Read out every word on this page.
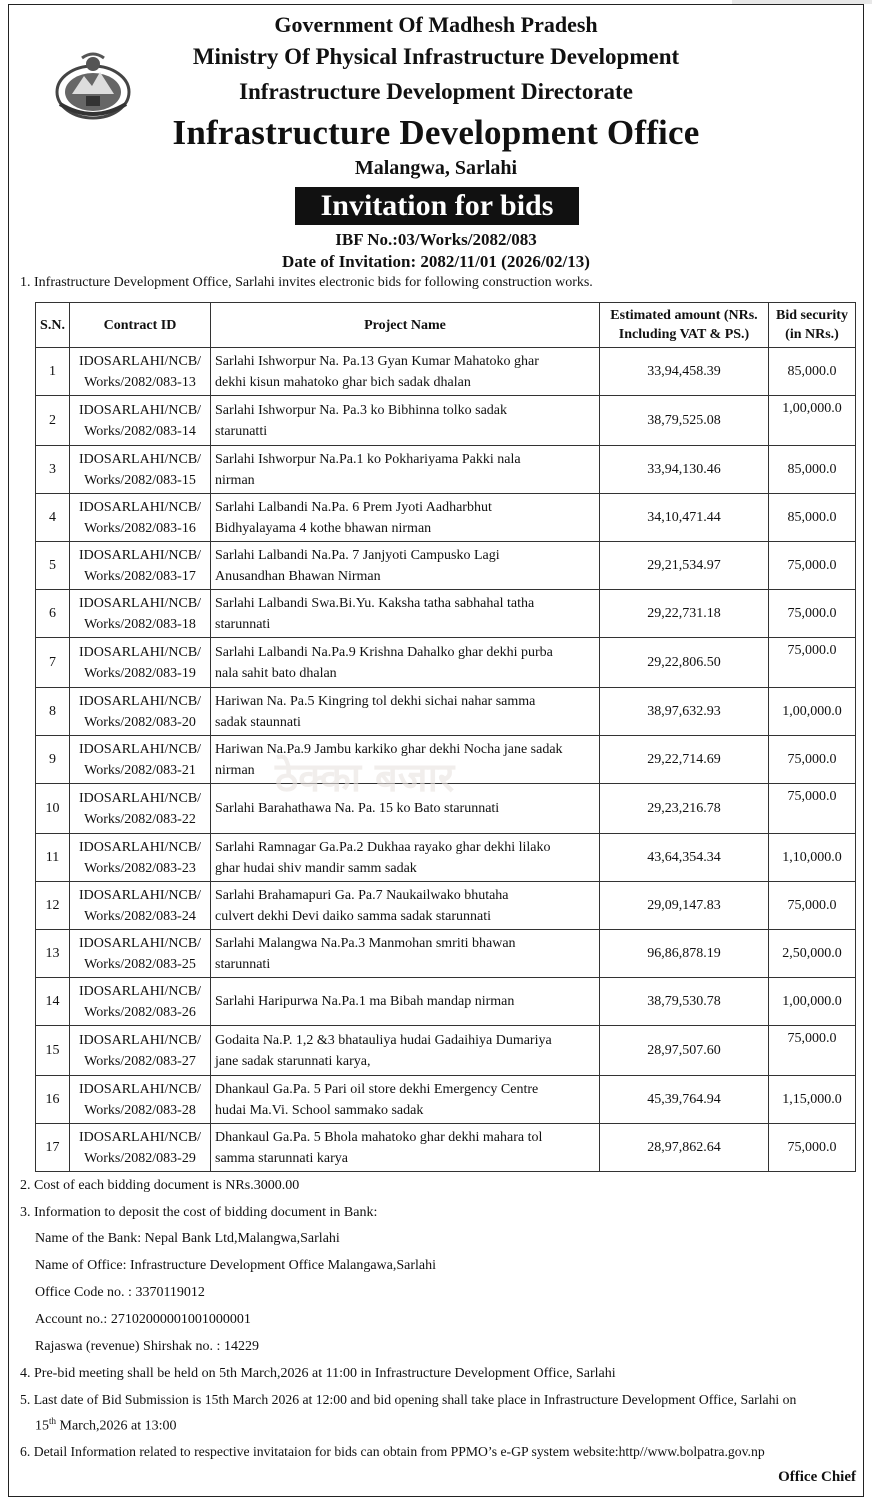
Government Of Madhesh Pradesh
Ministry Of Physical Infrastructure Development
Infrastructure Development Directorate
Infrastructure Development Office
Malangwa, Sarlahi
Invitation for bids
IBF No.:03/Works/2082/083
Date of Invitation: 2082/11/01 (2026/02/13)
1. Infrastructure Development Office, Sarlahi invites electronic bids for following construction works.
S.N.	Contract ID	Project Name	Estimated amount (NRs.
Including VAT & PS.)	Bid security
(in NRs.)
1	IDOSARLAHI/NCB/
Works/2082/083-13	Sarlahi Ishworpur Na. Pa.13 Gyan Kumar Mahatoko ghar
dekhi kisun mahatoko ghar bich sadak dhalan	33,94,458.39	85,000.0
2	IDOSARLAHI/NCB/
Works/2082/083-14	Sarlahi Ishworpur Na. Pa.3 ko Bibhinna tolko sadak
starunatti	38,79,525.08	1,00,000.0
3	IDOSARLAHI/NCB/
Works/2082/083-15	Sarlahi Ishworpur Na.Pa.1 ko Pokhariyama Pakki nala
nirman	33,94,130.46	85,000.0
4	IDOSARLAHI/NCB/
Works/2082/083-16	Sarlahi Lalbandi Na.Pa. 6 Prem Jyoti Aadharbhut
Bidhyalayama 4 kothe bhawan nirman	34,10,471.44	85,000.0
5	IDOSARLAHI/NCB/
Works/2082/083-17	Sarlahi Lalbandi Na.Pa. 7 Janjyoti Campusko Lagi
Anusandhan Bhawan Nirman	29,21,534.97	75,000.0
6	IDOSARLAHI/NCB/
Works/2082/083-18	Sarlahi Lalbandi Swa.Bi.Yu. Kaksha tatha sabhahal tatha
starunnati	29,22,731.18	75,000.0
7	IDOSARLAHI/NCB/
Works/2082/083-19	Sarlahi Lalbandi Na.Pa.9 Krishna Dahalko ghar dekhi purba
nala sahit bato dhalan	29,22,806.50	75,000.0
8	IDOSARLAHI/NCB/
Works/2082/083-20	Hariwan Na. Pa.5 Kingring tol dekhi sichai nahar samma
sadak staunnati	38,97,632.93	1,00,000.0
9	IDOSARLAHI/NCB/
Works/2082/083-21	Hariwan Na.Pa.9 Jambu karkiko ghar dekhi Nocha jane sadak
nirman	29,22,714.69	75,000.0
10	IDOSARLAHI/NCB/
Works/2082/083-22	Sarlahi Barahathawa Na. Pa. 15 ko Bato starunnati	29,23,216.78	75,000.0
11	IDOSARLAHI/NCB/
Works/2082/083-23	Sarlahi Ramnagar Ga.Pa.2 Dukhaa rayako ghar dekhi lilako
ghar hudai shiv mandir samm sadak	43,64,354.34	1,10,000.0
12	IDOSARLAHI/NCB/
Works/2082/083-24	Sarlahi Brahamapuri Ga. Pa.7 Naukailwako bhutaha
culvert dekhi Devi daiko samma sadak starunnati	29,09,147.83	75,000.0
13	IDOSARLAHI/NCB/
Works/2082/083-25	Sarlahi Malangwa Na.Pa.3 Manmohan smriti bhawan
starunnati	96,86,878.19	2,50,000.0
14	IDOSARLAHI/NCB/
Works/2082/083-26	Sarlahi Haripurwa Na.Pa.1 ma Bibah mandap nirman	38,79,530.78	1,00,000.0
15	IDOSARLAHI/NCB/
Works/2082/083-27	Godaita Na.P. 1,2 &3 bhatauliya hudai Gadaihiya Dumariya
jane sadak starunnati karya,	28,97,507.60	75,000.0
16	IDOSARLAHI/NCB/
Works/2082/083-28	Dhankaul Ga.Pa. 5 Pari oil store dekhi Emergency Centre
hudai Ma.Vi. School sammako sadak	45,39,764.94	1,15,000.0
17	IDOSARLAHI/NCB/
Works/2082/083-29	Dhankaul Ga.Pa. 5 Bhola mahatoko ghar dekhi mahara tol
samma starunnati karya	28,97,862.64	75,000.0
ठेक्का बजार
2. Cost of each bidding document is NRs.3000.00
3. Information to deposit the cost of bidding document in Bank:
Name of the Bank: Nepal Bank Ltd,Malangwa,Sarlahi
Name of Office: Infrastructure Development Office Malangawa,Sarlahi
Office Code no. : 3370119012
Account no.: 27102000001001000001
Rajaswa (revenue) Shirshak no. : 14229
4. Pre-bid meeting shall be held on 5th March,2026 at 11:00 in Infrastructure Development Office, Sarlahi
5. Last date of Bid Submission is 15th March 2026 at 12:00 and bid opening shall take place in Infrastructure Development Office, Sarlahi on
15th March,2026 at 13:00
6. Detail Information related to respective invitataion for bids can obtain from PPMO’s e-GP system website:http//www.bolpatra.gov.np
Office Chief
